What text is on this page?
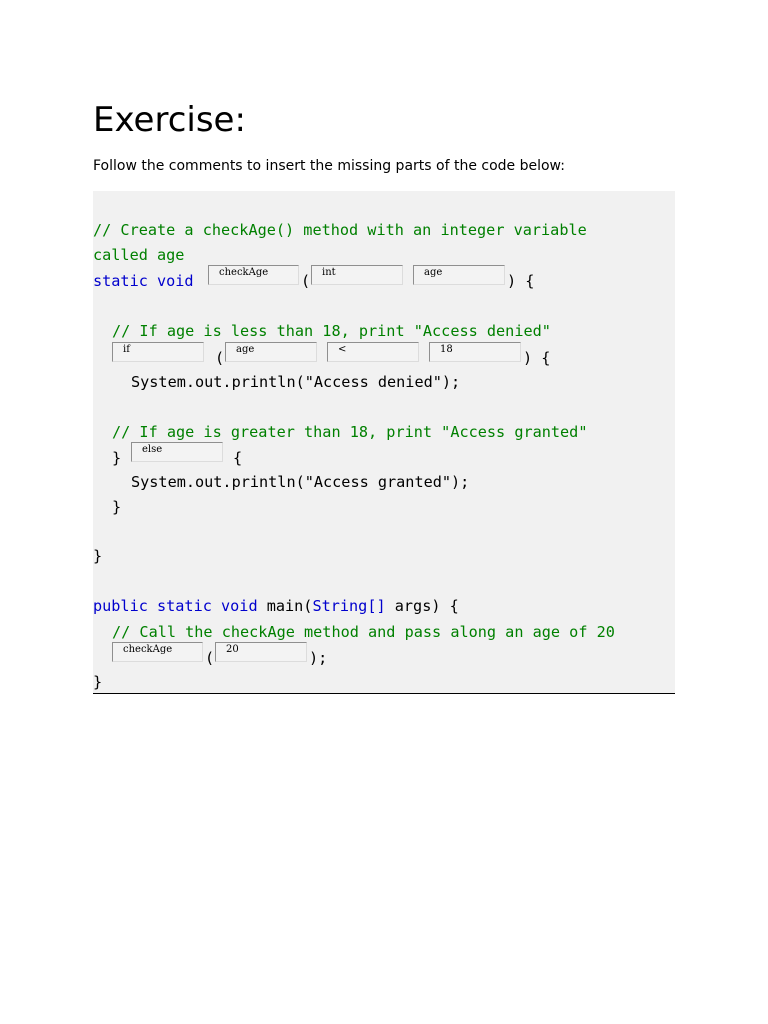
Exercise:

Follow the comments to insert the missing parts of the code below:

// Create a checkAge() method with an integer variable
called age
static void	checkAge	(	int	age	) {
// If age is less than 18, print "Access denied"
if	(	age	<	18	) {
System.out.println("Access denied");
// If age is greater than 18, print "Access granted"
}	else	{
System.out.println("Access granted");
}
}
public static void main(String[] args) {
// Call the checkAge method and pass along an age of 20
checkAge	(	20	);
}
